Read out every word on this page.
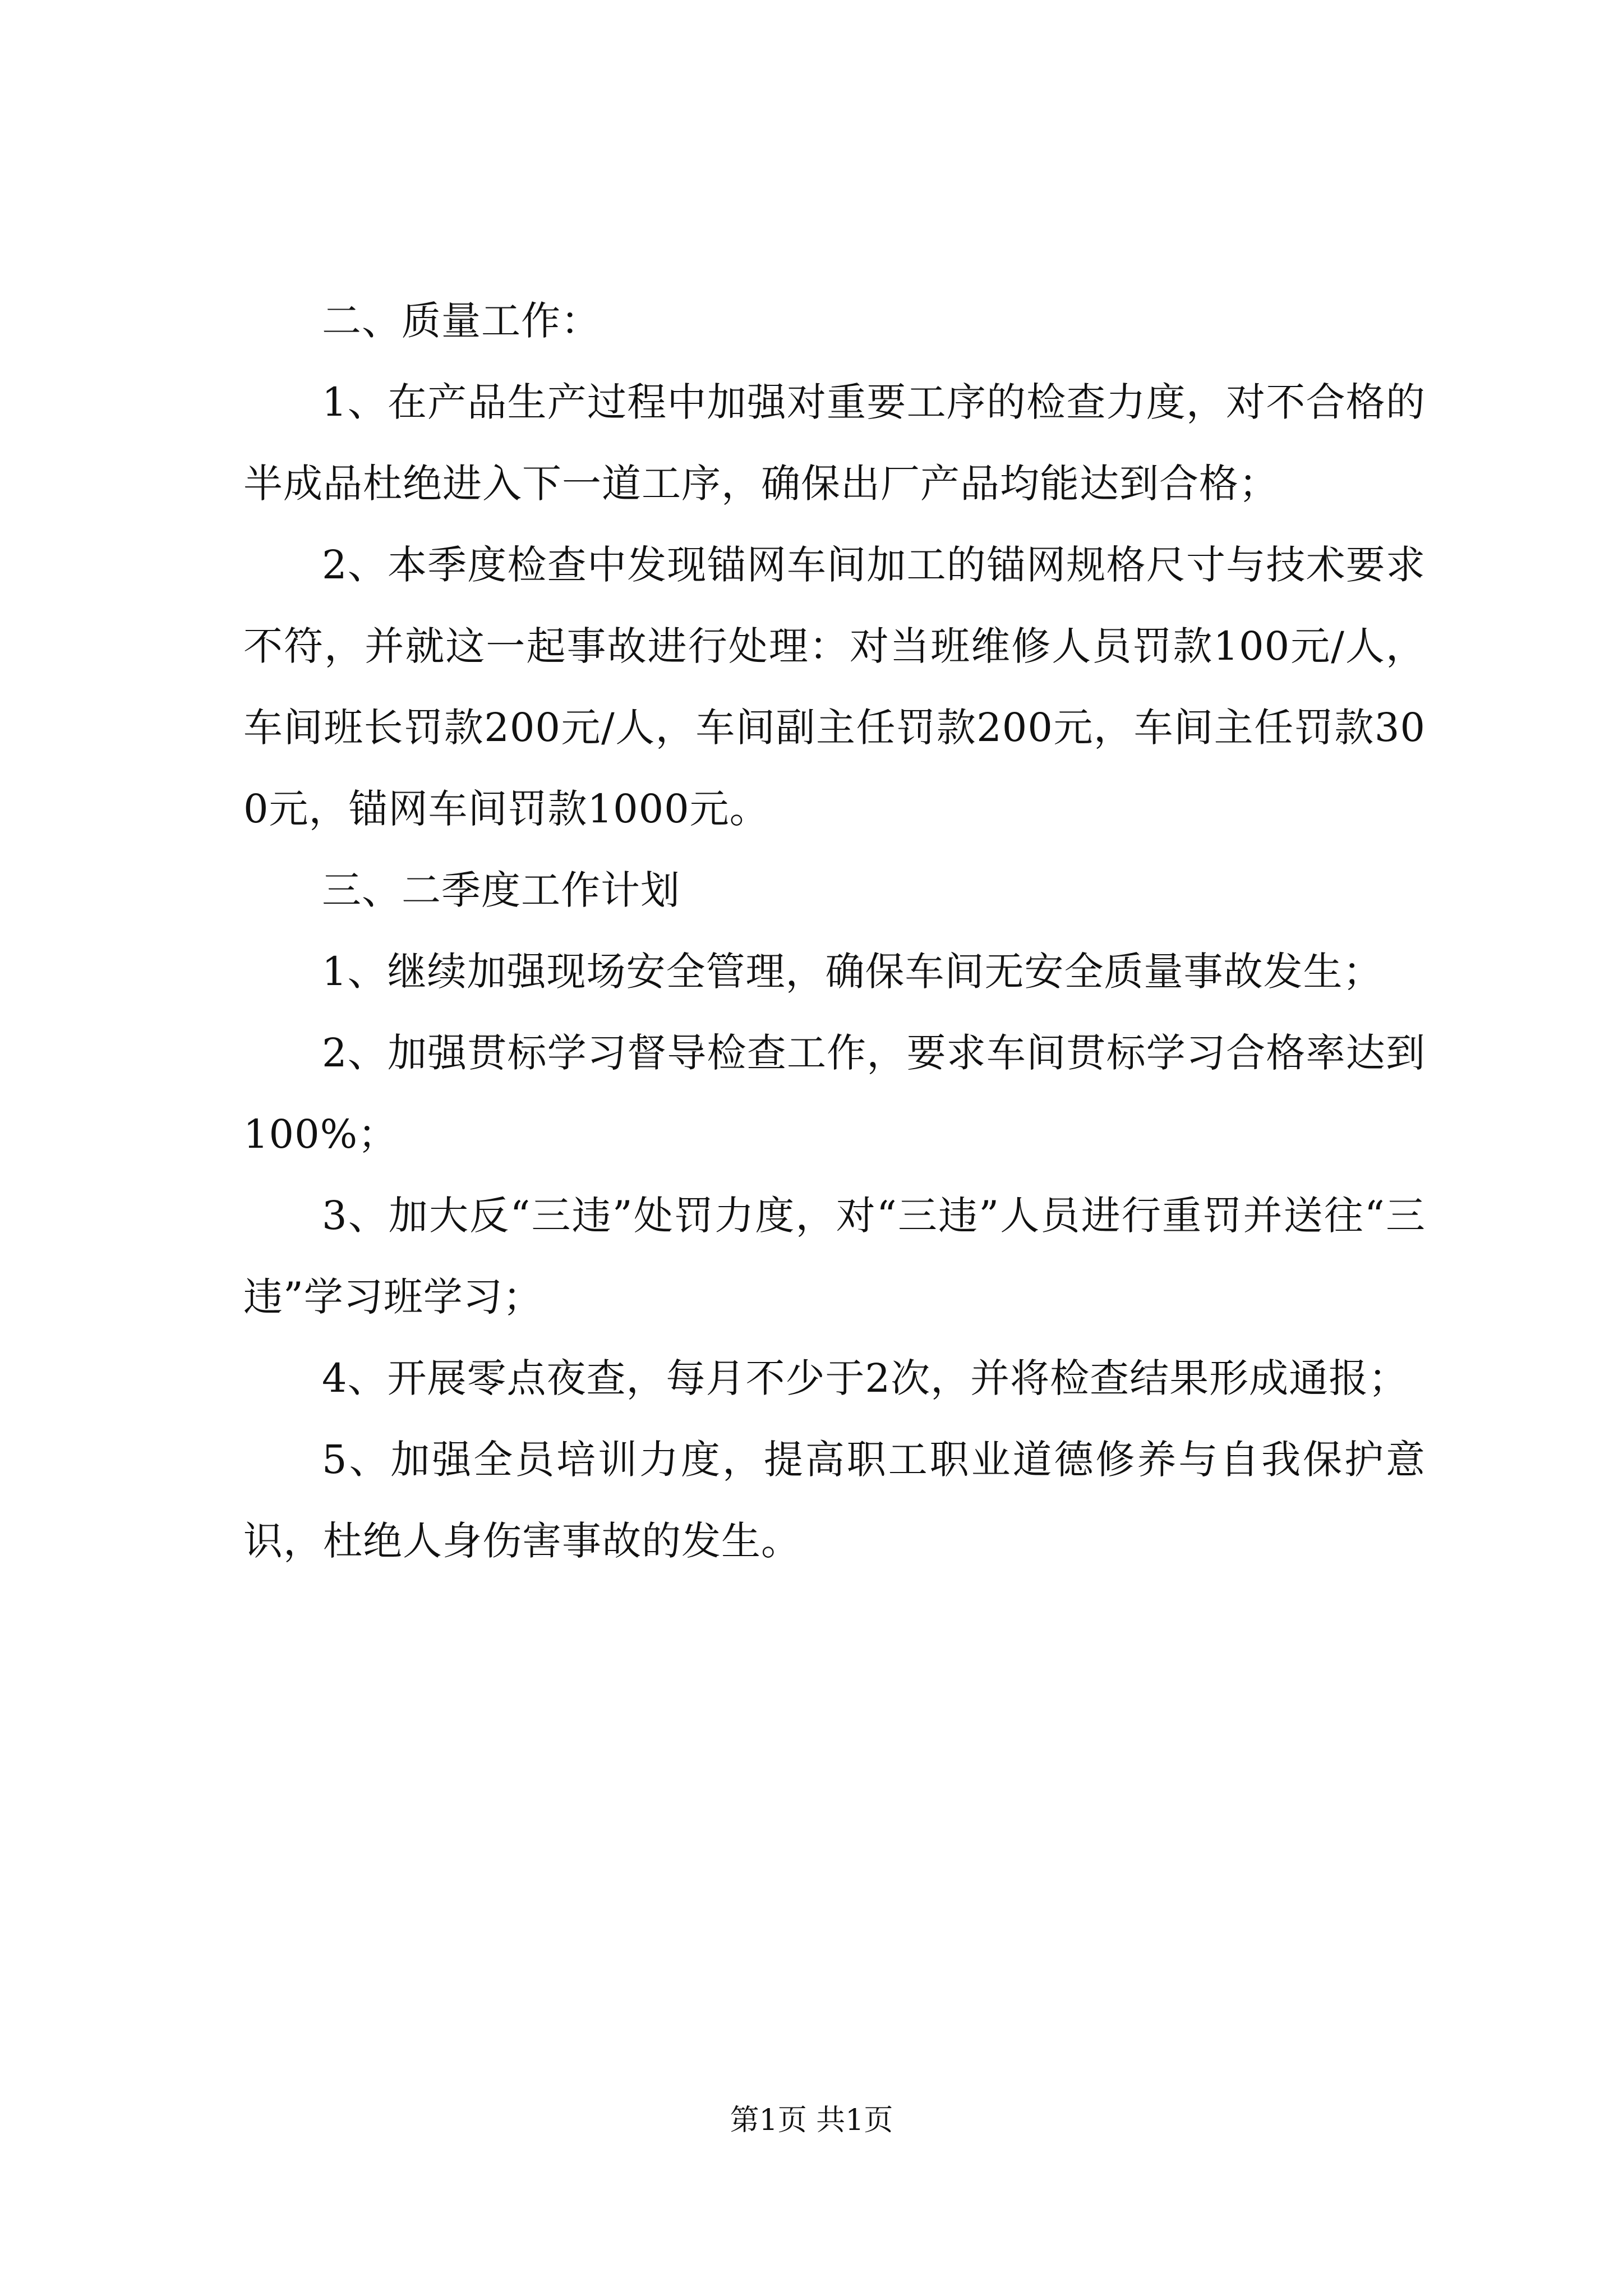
二、质量工作：

1、在产品生产过程中加强对重要工序的检查力度，对不合格的半成品杜绝进入下一道工序，确保出厂产品均能达到合格；

2、本季度检查中发现锚网车间加工的锚网规格尺寸与技术要求不符，并就这一起事故进行处理：对当班维修人员罚款100元/人，车间班长罚款200元/人，车间副主任罚款200元，车间主任罚款300元，锚网车间罚款1000元。

三、二季度工作计划

1、继续加强现场安全管理，确保车间无安全质量事故发生；

2、加强贯标学习督导检查工作，要求车间贯标学习合格率达到100%；

3、加大反“三违”处罚力度，对“三违”人员进行重罚并送往“三违”学习班学习；

4、开展零点夜查，每月不少于2次，并将检查结果形成通报；

5、加强全员培训力度，提高职工职业道德修养与自我保护意识，杜绝人身伤害事故的发生。

第1页 共1页
